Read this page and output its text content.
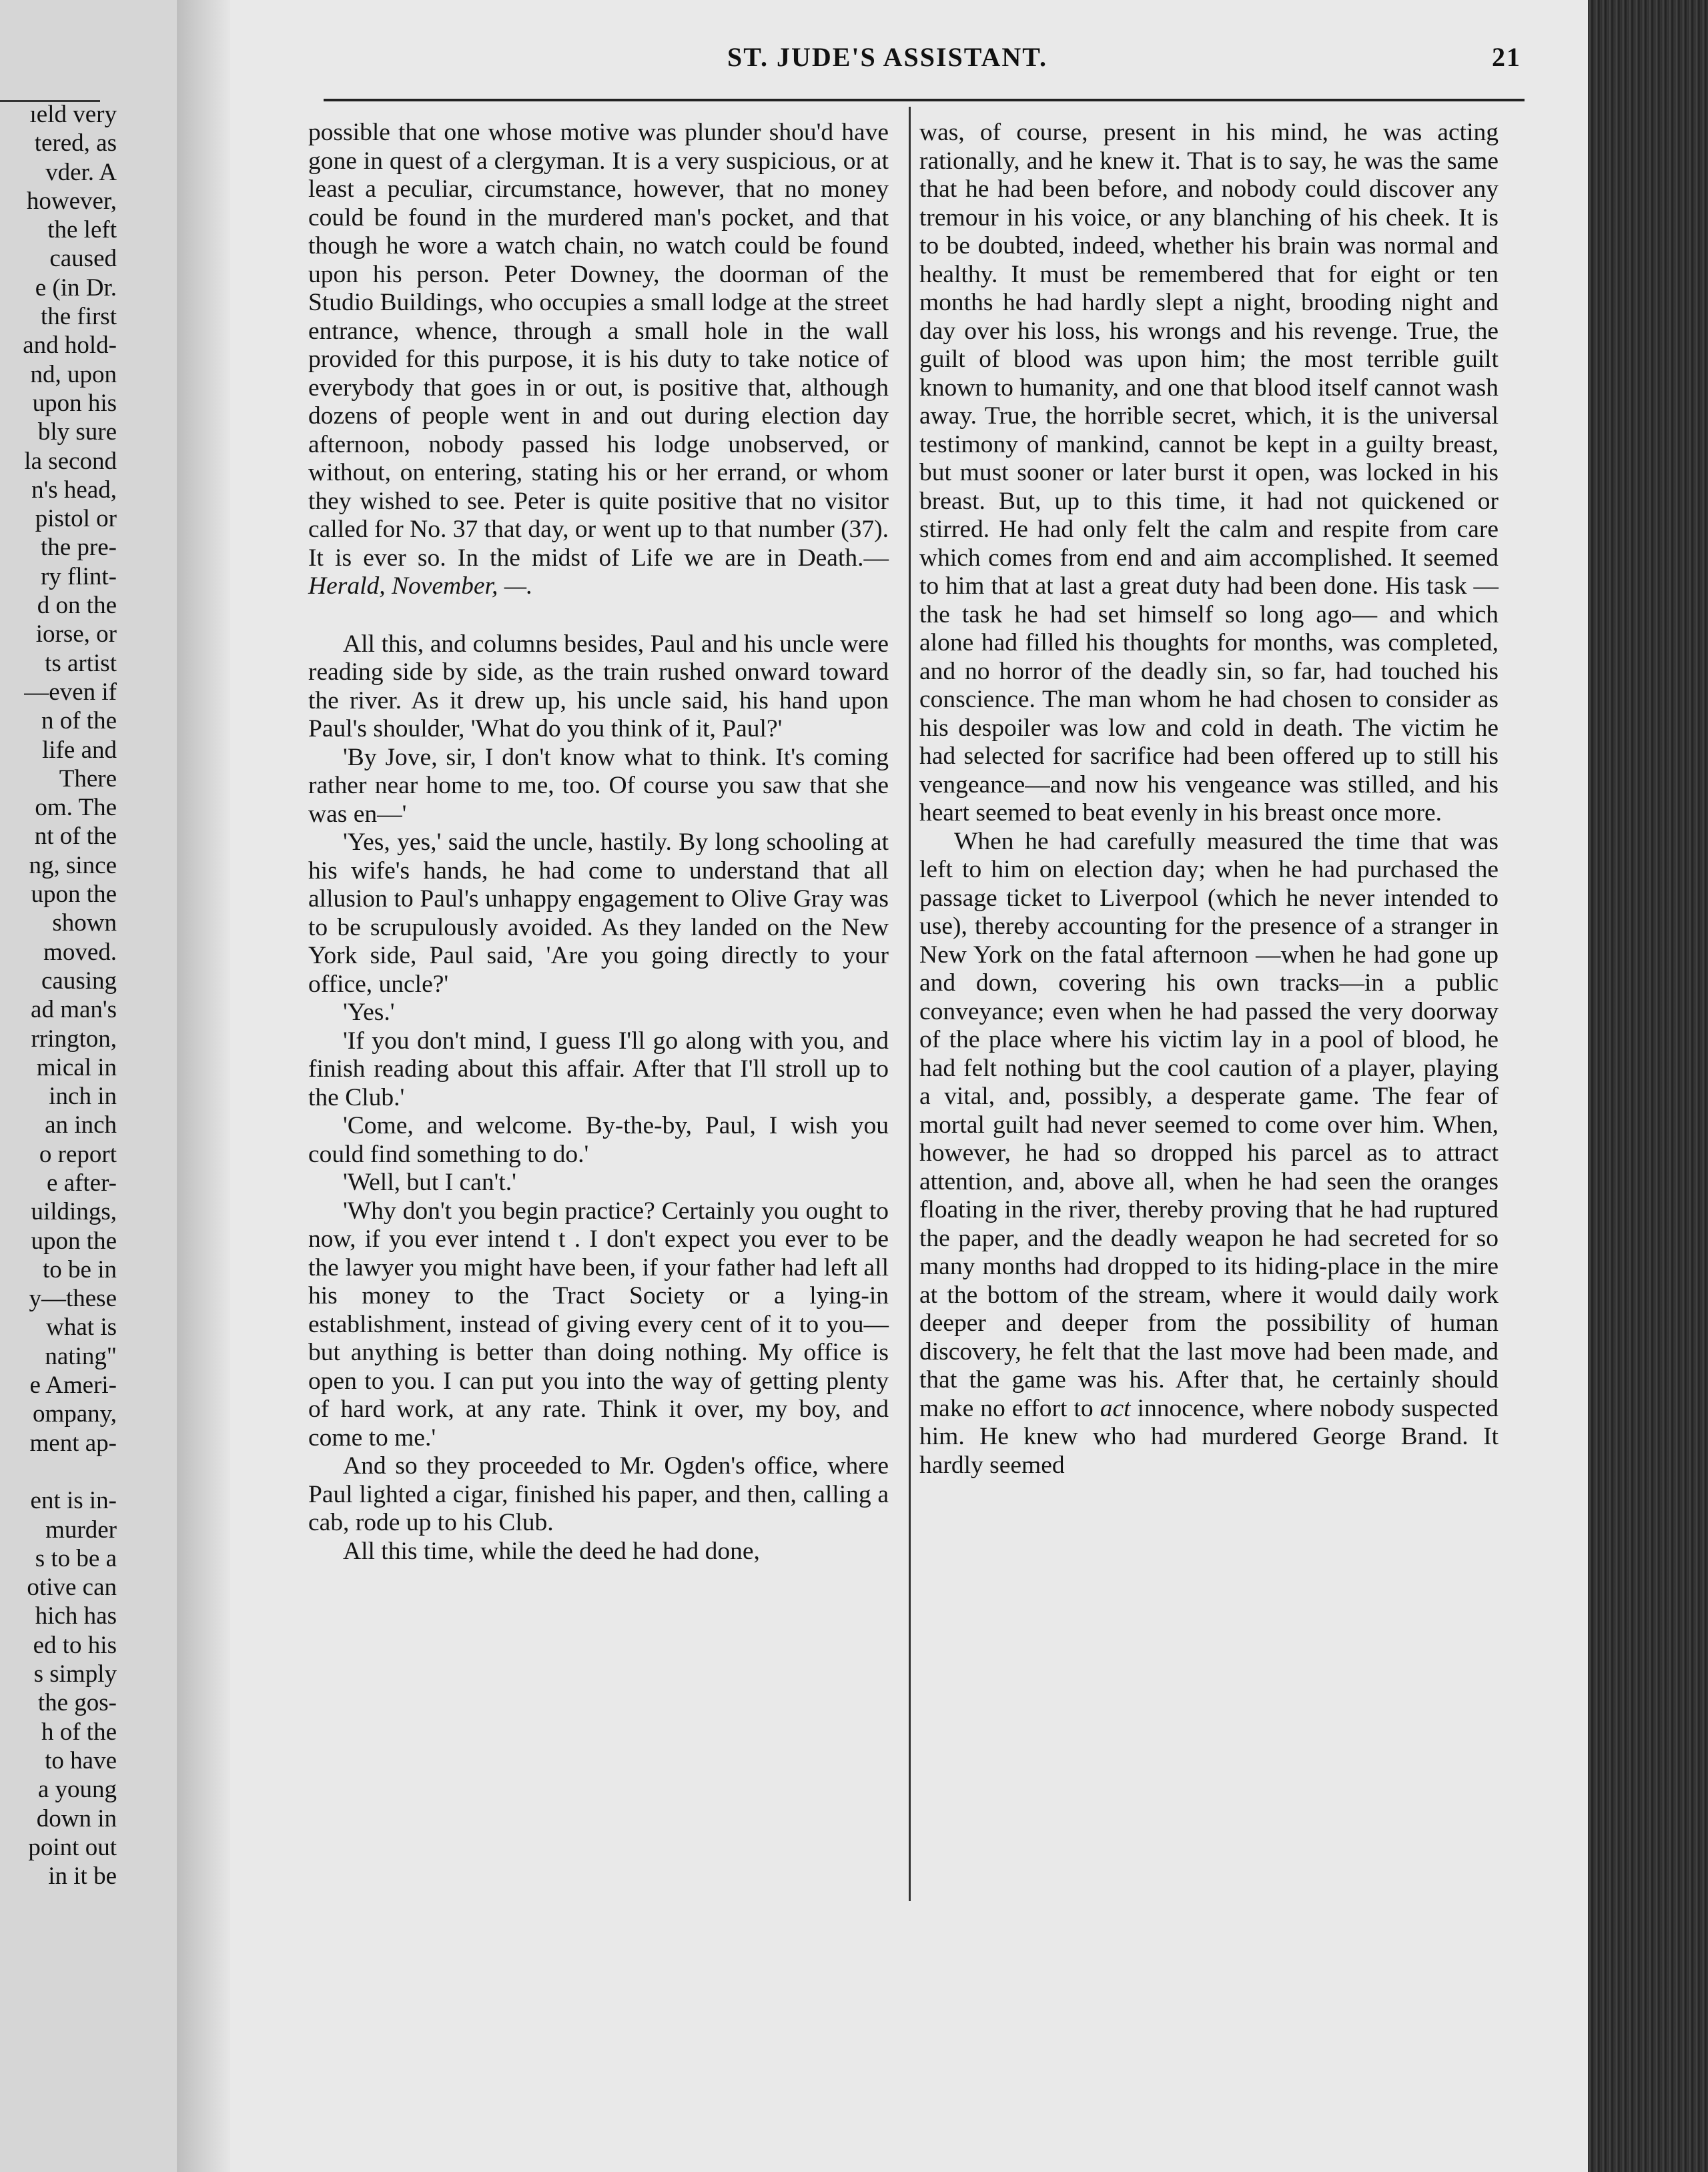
ıeld very
tered, as
vder. A
however,
the left
caused
e (in Dr.
the first
and hold-
nd, upon
upon his
bly sure
la second
n's head,
pistol or
the pre-
ry flint-
d on the
iorse, or
ts artist
—even if
n of the
life and
There
om. The
nt of the
ng, since
upon the
shown
moved.
causing
ad man's
rrington,
mical in
inch in
an inch
o report
e after-
uildings,
upon the
to be in
y—these
what is
nating"
e Ameri-
ompany,
ment ap-
ent is in-
murder
s to be a
otive can
hich has
ed to his
s simply
the gos-
h of the
to have
a young
down in
point out
in it be
ST. JUDE'S ASSISTANT.	21

possible that one whose motive was plunder shou'd have gone in quest of a clergyman. It is a very suspicious, or at least a peculiar, circumstance, however, that no money could be found in the murdered man's pocket, and that though he wore a watch chain, no watch could be found upon his person. Peter Downey, the doorman of the Studio Buildings, who occupies a small lodge at the street entrance, whence, through a small hole in the wall provided for this purpose, it is his duty to take notice of everybody that goes in or out, is positive that, although dozens of people went in and out during election day afternoon, nobody passed his lodge unobserved, or without, on entering, stating his or her errand, or whom they wished to see. Peter is quite positive that no visitor called for No. 37 that day, or went up to that number (37). It is ever so. In the midst of Life we are in Death.—Herald, November, —.

All this, and columns besides, Paul and his uncle were reading side by side, as the train rushed onward toward the river. As it drew up, his uncle said, his hand upon Paul's shoulder, 'What do you think of it, Paul?'

'By Jove, sir, I don't know what to think. It's coming rather near home to me, too. Of course you saw that she was en—'

'Yes, yes,' said the uncle, hastily. By long schooling at his wife's hands, he had come to understand that all allusion to Paul's unhappy engagement to Olive Gray was to be scrupulously avoided. As they landed on the New York side, Paul said, 'Are you going directly to your office, uncle?'

'Yes.'

'If you don't mind, I guess I'll go along with you, and finish reading about this affair. After that I'll stroll up to the Club.'

'Come, and welcome. By-the-by, Paul, I wish you could find something to do.'

'Well, but I can't.'

'Why don't you begin practice? Certainly you ought to now, if you ever intend t . I don't expect you ever to be the lawyer you might have been, if your father had left all his money to the Tract Society or a lying-in establishment, instead of giving every cent of it to you—but anything is better than doing nothing. My office is open to you. I can put you into the way of getting plenty of hard work, at any rate. Think it over, my boy, and come to me.'

And so they proceeded to Mr. Ogden's office, where Paul lighted a cigar, finished his paper, and then, calling a cab, rode up to his Club.

All this time, while the deed he had done,

was, of course, present in his mind, he was acting rationally, and he knew it. That is to say, he was the same that he had been before, and nobody could discover any tremour in his voice, or any blanching of his cheek. It is to be doubted, indeed, whether his brain was normal and healthy. It must be remembered that for eight or ten months he had hardly slept a night, brooding night and day over his loss, his wrongs and his revenge. True, the guilt of blood was upon him; the most terrible guilt known to humanity, and one that blood itself cannot wash away. True, the horrible secret, which, it is the universal testimony of mankind, cannot be kept in a guilty breast, but must sooner or later burst it open, was locked in his breast. But, up to this time, it had not quickened or stirred. He had only felt the calm and respite from care which comes from end and aim accomplished. It seemed to him that at last a great duty had been done. His task —the task he had set himself so long ago— and which alone had filled his thoughts for months, was completed, and no horror of the deadly sin, so far, had touched his conscience. The man whom he had chosen to consider as his despoiler was low and cold in death. The victim he had selected for sacrifice had been offered up to still his vengeance—and now his vengeance was stilled, and his heart seemed to beat evenly in his breast once more.

When he had carefully measured the time that was left to him on election day; when he had purchased the passage ticket to Liverpool (which he never intended to use), thereby accounting for the presence of a stranger in New York on the fatal afternoon —when he had gone up and down, covering his own tracks—in a public conveyance; even when he had passed the very doorway of the place where his victim lay in a pool of blood, he had felt nothing but the cool caution of a player, playing a vital, and, possibly, a desperate game. The fear of mortal guilt had never seemed to come over him. When, however, he had so dropped his parcel as to attract attention, and, above all, when he had seen the oranges floating in the river, thereby proving that he had ruptured the paper, and the deadly weapon he had secreted for so many months had dropped to its hiding-place in the mire at the bottom of the stream, where it would daily work deeper and deeper from the possibility of human discovery, he felt that the last move had been made, and that the game was his. After that, he certainly should make no effort to act innocence, where nobody suspected him. He knew who had murdered George Brand. It hardly seemed
